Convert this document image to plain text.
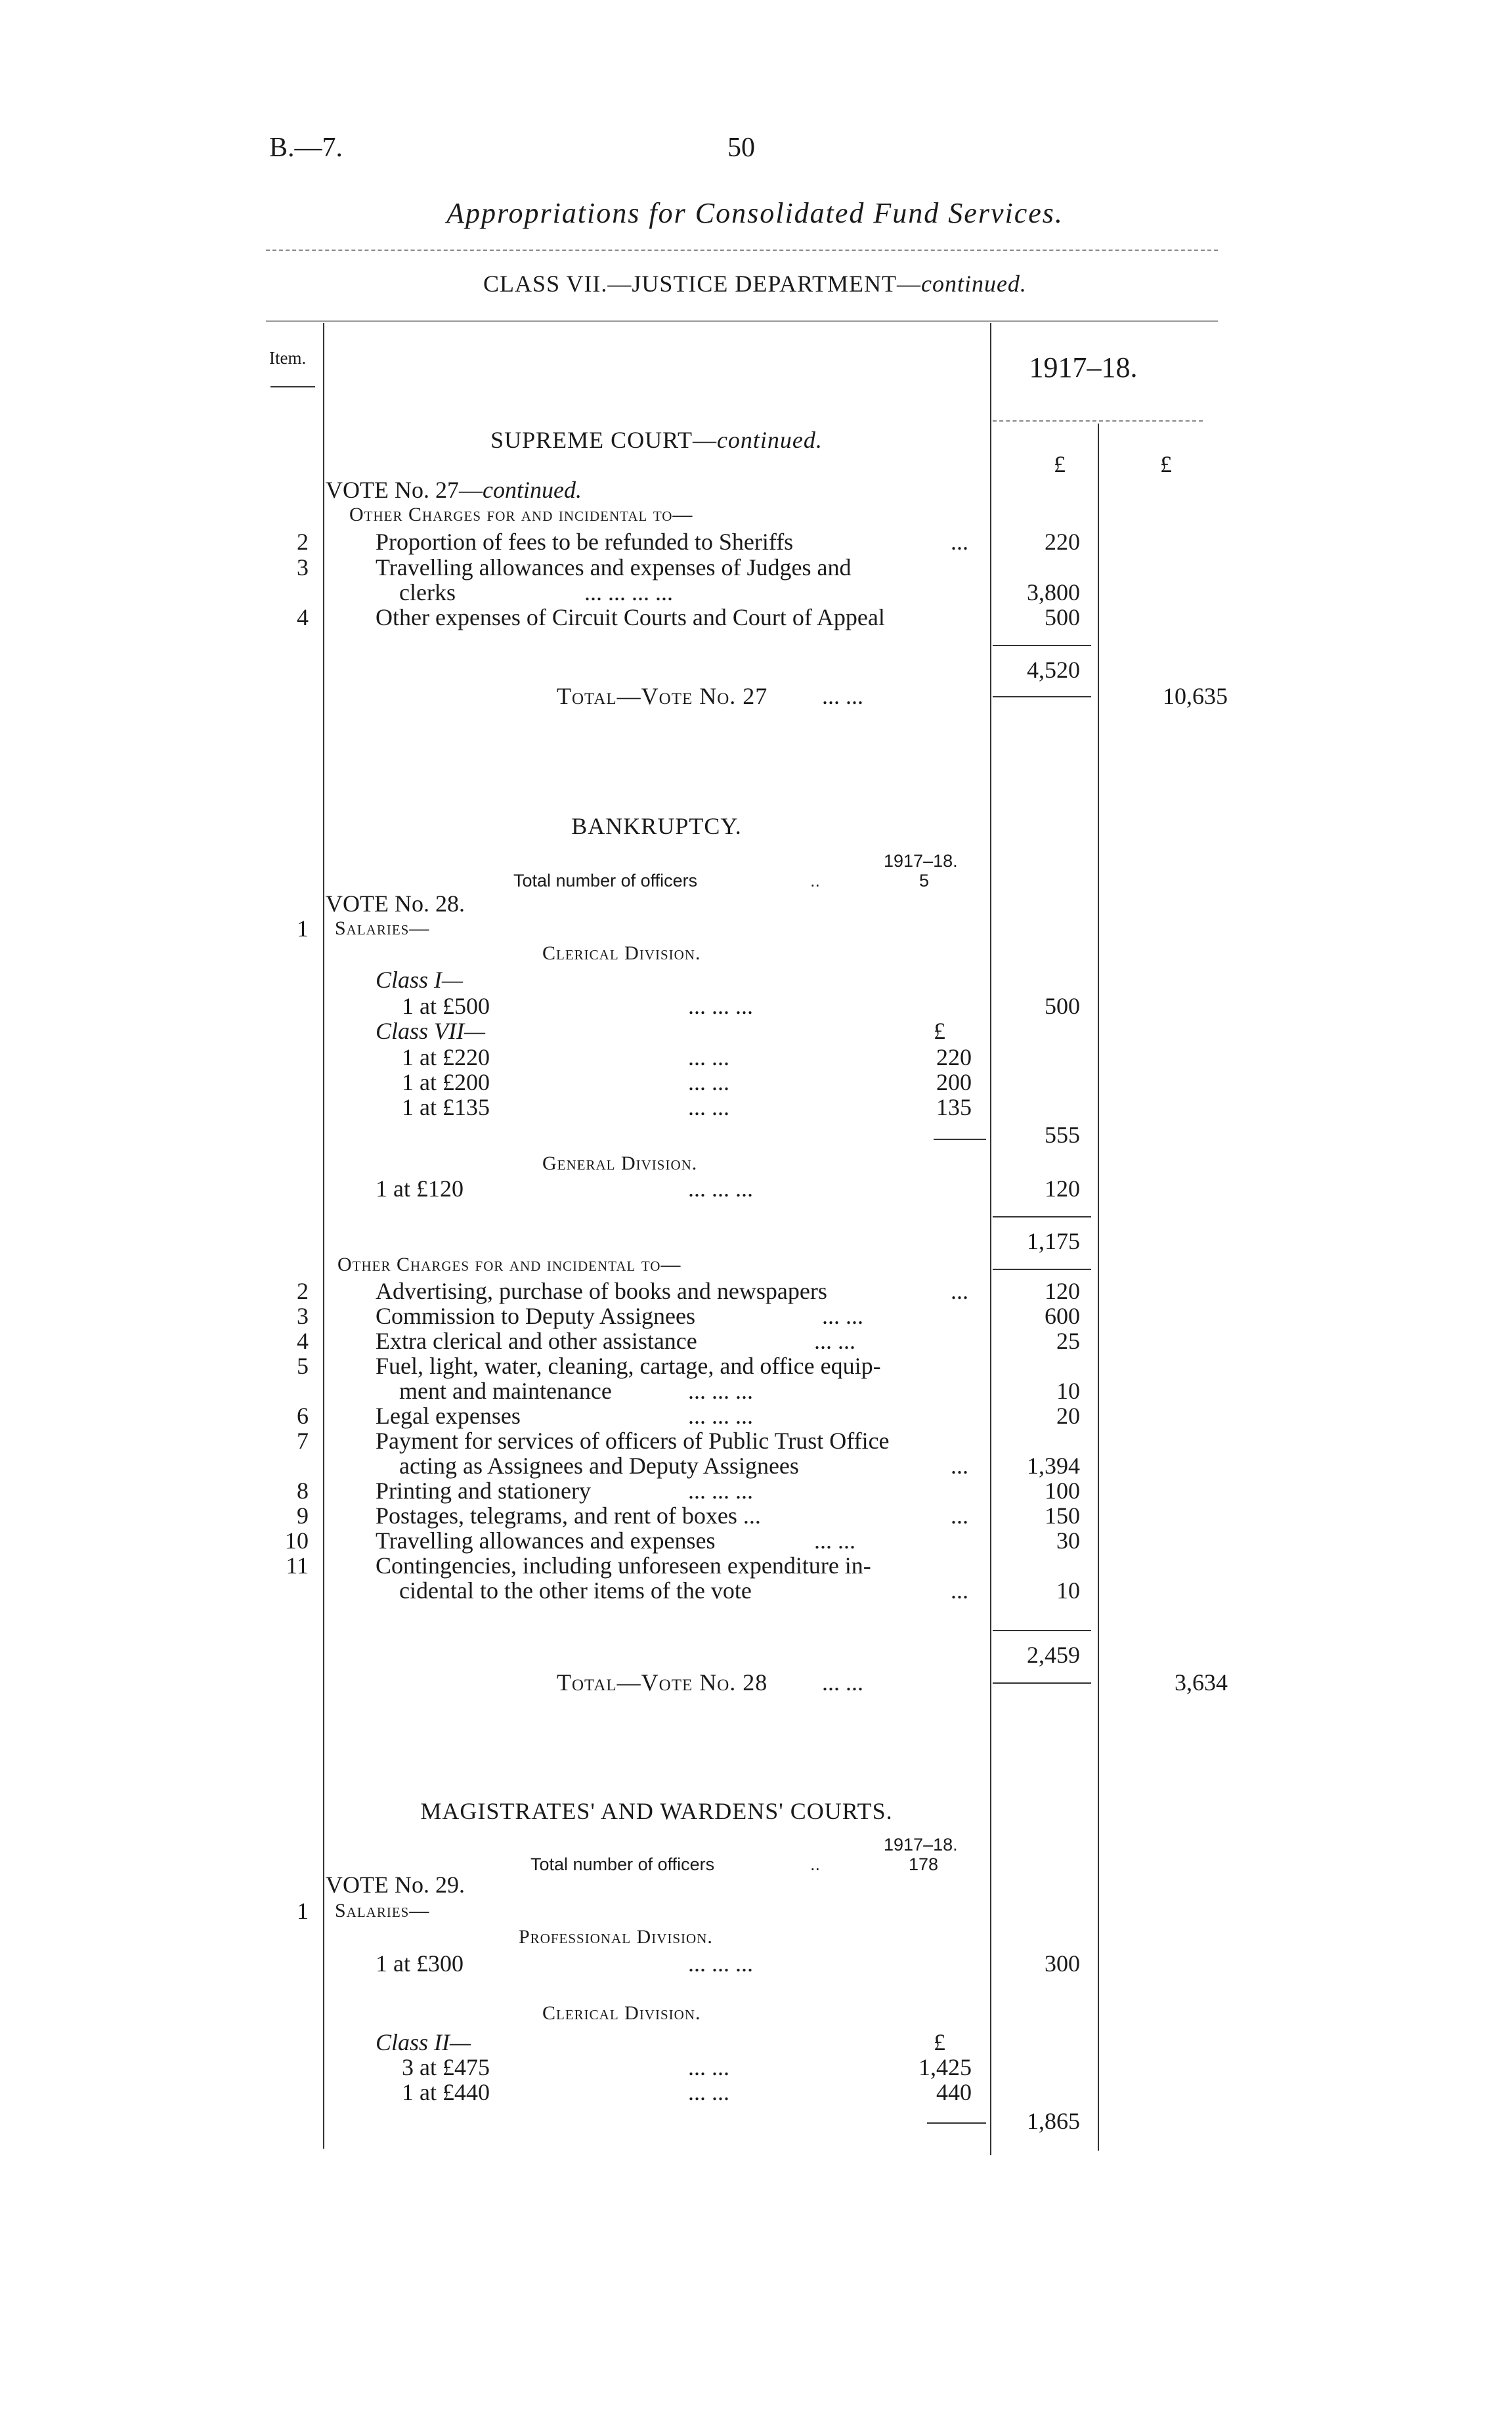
B.—7.	50
Appropriations for Consolidated Fund Services.
CLASS VII.—JUSTICE DEPARTMENT—continued.
Item.	1917–18.
£	£
SUPREME COURT—continued.
VOTE No. 27—continued.
Other Charges for and incidental to—
2	Proportion of fees to be refunded to Sheriffs	...	220
3	Travelling allowances and expenses of Judges and
clerks	... ... ... ...	3,800
4	Other expenses of Circuit Courts and Court of Appeal	500
4,520
Total—Vote No. 27 ... ...	10,635
BANKRUPTCY.
1917–18.
Total number of officers	..	5
VOTE No. 28.
1 Salaries—
Clerical Division.
Class I—
1 at £500	... ... ...	500
Class VII—	£
1 at £220	... ...	220
1 at £200	... ...	200
1 at £135	... ...	135
555
General Division.
1 at £120	... ... ...	120
1,175
Other Charges for and incidental to—
2	Advertising, purchase of books and newspapers	...	120
3	Commission to Deputy Assignees	... ...	600
4	Extra clerical and other assistance	... ...	25
5	Fuel, light, water, cleaning, cartage, and office equip-
ment and maintenance	... ... ...	10
6	Legal expenses	... ... ...	20
7	Payment for services of officers of Public Trust Office
acting as Assignees and Deputy Assignees	...	1,394
8	Printing and stationery	... ... ...	100
9	Postages, telegrams, and rent of boxes ...	...	150
10	Travelling allowances and expenses	... ...	30
11	Contingencies, including unforeseen expenditure in-
cidental to the other items of the vote	...	10
2,459
Total—Vote No. 28 ... ...	3,634
MAGISTRATES' AND WARDENS' COURTS.
1917–18.
Total number of officers	..	178
VOTE No. 29.
1 Salaries—
Professional Division.
1 at £300	... ... ...	300
Clerical Division.
Class II—	£
3 at £475	... ...	1,425
1 at £440	... ...	440
1,865
